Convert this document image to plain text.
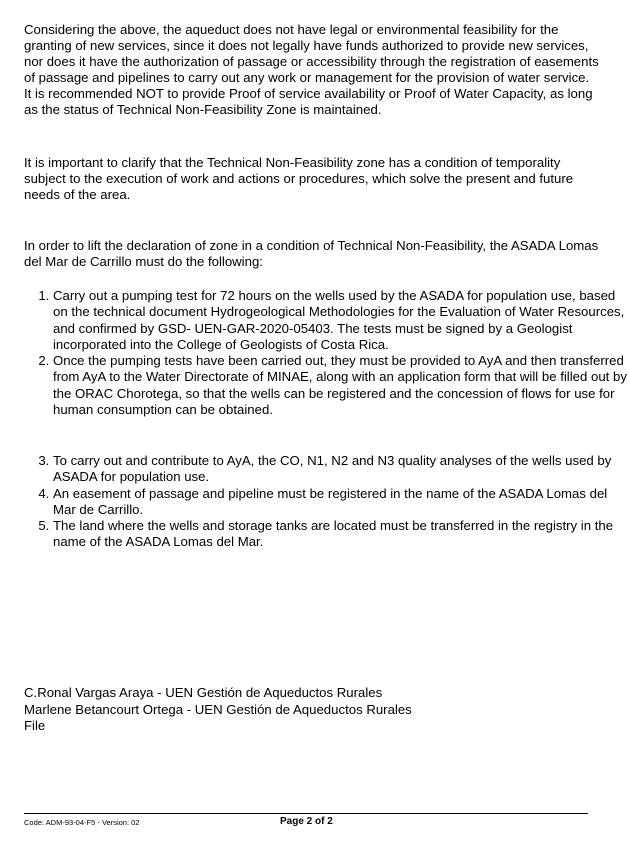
Considering the above, the aqueduct does not have legal or environmental feasibility for the granting of new services, since it does not legally have funds authorized to provide new services, nor does it have the authorization of passage or accessibility through the registration of easements of passage and pipelines to carry out any work or management for the provision of water service. It is recommended NOT to provide Proof of service availability or Proof of Water Capacity, as long as the status of Technical Non-Feasibility Zone is maintained.

It is important to clarify that the Technical Non-Feasibility zone has a condition of temporality subject to the execution of work and actions or procedures, which solve the present and future needs of the area.

In order to lift the declaration of zone in a condition of Technical Non-Feasibility, the ASADA Lomas del Mar de Carrillo must do the following:

1. Carry out a pumping test for 72 hours on the wells used by the ASADA for population use, based on the technical document Hydrogeological Methodologies for the Evaluation of Water Resources, and confirmed by GSD- UEN-GAR-2020-05403. The tests must be signed by a Geologist incorporated into the College of Geologists of Costa Rica.
2. Once the pumping tests have been carried out, they must be provided to AyA and then transferred from AyA to the Water Directorate of MINAE, along with an application form that will be filled out by the ORAC Chorotega, so that the wells can be registered and the concession of flows for use for human consumption can be obtained.
3. To carry out and contribute to AyA, the CO, N1, N2 and N3 quality analyses of the wells used by ASADA for population use.
4. An easement of passage and pipeline must be registered in the name of the ASADA Lomas del Mar de Carrillo.
5. The land where the wells and storage tanks are located must be transferred in the registry in the name of the ASADA Lomas del Mar.
C.Ronal Vargas Araya - UEN Gestión de Aqueductos Rurales
Marlene Betancourt Ortega - UEN Gestión de Aqueductos Rurales
File
Code: ADM-93-04-F5 - Version: 02	Page 2 of 2
